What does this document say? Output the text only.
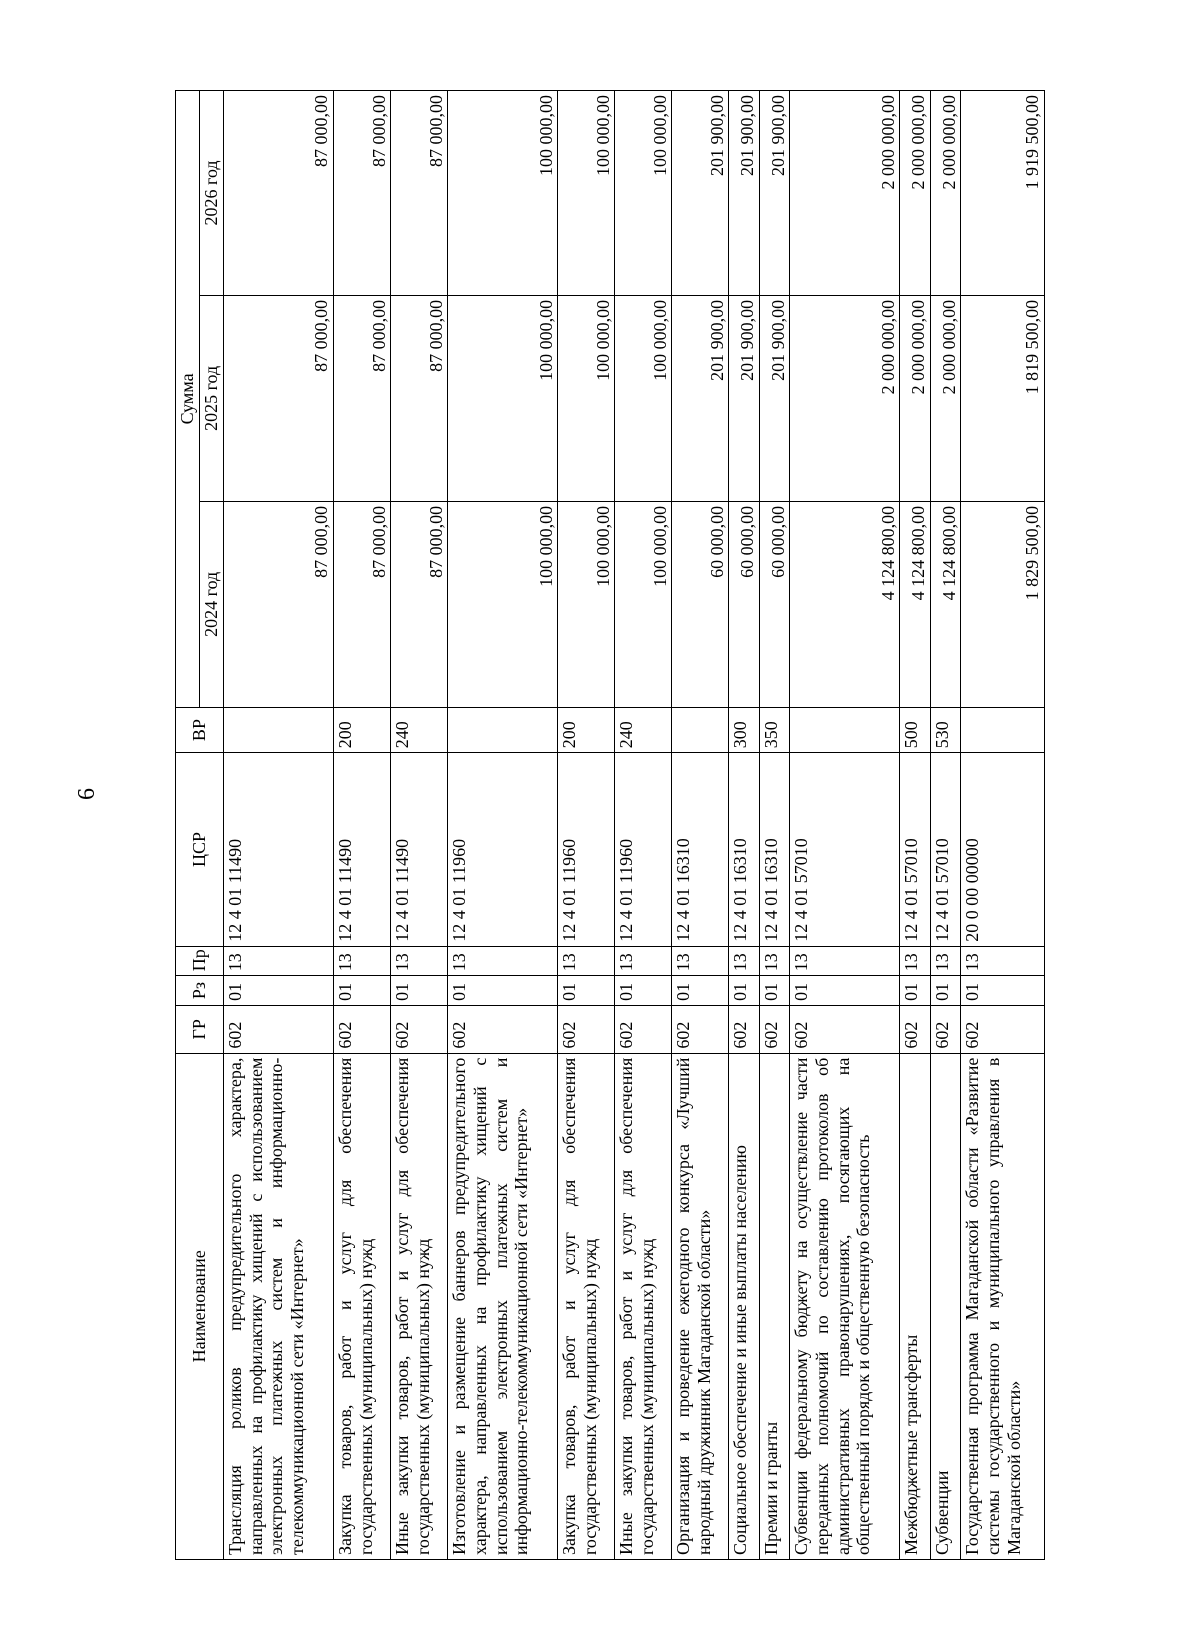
6
Наименование	ГР	Рз	Пр	ЦСР	ВР	Сумма		
						2024 год	2025 год	2026 год
Трансляция роликов предупредительного характера, направленных на профилактику хищений с использованием электронных платежных систем и информационно-телекоммуникационной сети «Интернет»	602	01	13	12 4 01 11490		87 000,00	87 000,00	87 000,00
Закупка товаров, работ и услуг для обеспечения государственных (муниципальных) нужд	602	01	13	12 4 01 11490	200	87 000,00	87 000,00	87 000,00
Иные закупки товаров, работ и услуг для обеспечения государственных (муниципальных) нужд	602	01	13	12 4 01 11490	240	87 000,00	87 000,00	87 000,00
Изготовление и размещение баннеров предупредительного характера, направленных на профилактику хищений с использованием электронных платежных систем и информационно-телекоммуникационной сети «Интернет»	602	01	13	12 4 01 11960		100 000,00	100 000,00	100 000,00
Закупка товаров, работ и услуг для обеспечения государственных (муниципальных) нужд	602	01	13	12 4 01 11960	200	100 000,00	100 000,00	100 000,00
Иные закупки товаров, работ и услуг для обеспечения государственных (муниципальных) нужд	602	01	13	12 4 01 11960	240	100 000,00	100 000,00	100 000,00
Организация и проведение ежегодного конкурса «Лучший народный дружинник Магаданской области»	602	01	13	12 4 01 16310		60 000,00	201 900,00	201 900,00
Социальное обеспечение и иные выплаты населению	602	01	13	12 4 01 16310	300	60 000,00	201 900,00	201 900,00
Премии и гранты	602	01	13	12 4 01 16310	350	60 000,00	201 900,00	201 900,00
Субвенции федеральному бюджету на осуществление части переданных полномочий по составлению протоколов об административных правонарушениях, посягающих на общественный порядок и общественную безопасность	602	01	13	12 4 01 57010		4 124 800,00	2 000 000,00	2 000 000,00
Межбюджетные трансферты	602	01	13	12 4 01 57010	500	4 124 800,00	2 000 000,00	2 000 000,00
Субвенции	602	01	13	12 4 01 57010	530	4 124 800,00	2 000 000,00	2 000 000,00
Государственная программа Магаданской области «Развитие системы государственного и муниципального управления в Магаданской области»	602	01	13	20 0 00 00000		1 829 500,00	1 819 500,00	1 919 500,00
